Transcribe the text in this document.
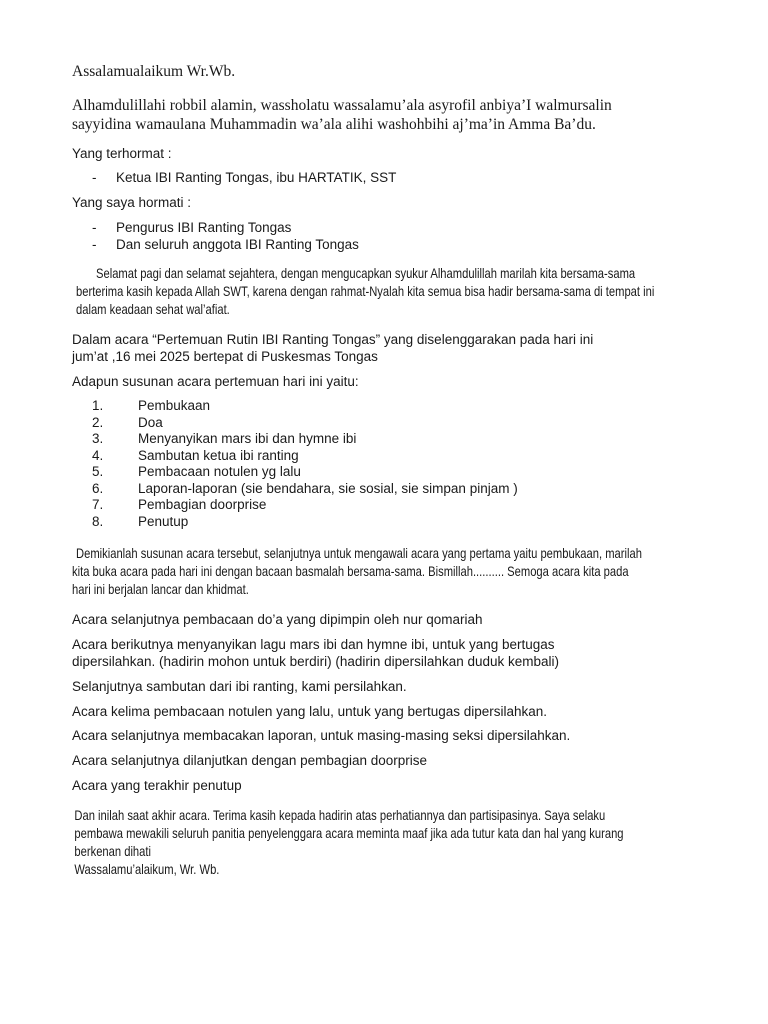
Assalamualaikum Wr.Wb.

Alhamdulillahi robbil alamin, wassholatu wassalamu’ala asyrofil anbiya’I walmursalin
sayyidina wamaulana Muhammadin wa’ala alihi washohbihi aj’ma’in Amma Ba’du.

Yang terhormat :

- Ketua IBI Ranting Tongas, ibu HARTATIK, SST

Yang saya hormati :

- Pengurus IBI Ranting Tongas
- Dan seluruh anggota IBI Ranting Tongas
Selamat pagi dan selamat sejahtera, dengan mengucapkan syukur Alhamdulillah marilah kita bersama-sama
berterima kasih kepada Allah SWT, karena dengan rahmat-Nyalah kita semua bisa hadir bersama-sama di tempat ini
dalam keadaan sehat wal’afiat.
Dalam acara “Pertemuan Rutin IBI Ranting Tongas” yang diselenggarakan pada hari ini
jum’at ,16 mei 2025 bertepat di Puskesmas Tongas

Adapun susunan acara pertemuan hari ini yaitu:

1.	Pembukaan
2.	Doa
3.	Menyanyikan mars ibi dan hymne ibi
4.	Sambutan ketua ibi ranting
5.	Pembacaan notulen yg lalu
6.	Laporan-laporan (sie bendahara, sie sosial, sie simpan pinjam )
7.	Pembagian doorprise
8.	Penutup
Demikianlah susunan acara tersebut, selanjutnya untuk mengawali acara yang pertama yaitu pembukaan, marilah
kita buka acara pada hari ini dengan bacaan basmalah bersama-sama. Bismillah.......... Semoga acara kita pada
hari ini berjalan lancar dan khidmat.

Acara selanjutnya pembacaan do’a yang dipimpin oleh nur qomariah

Acara berikutnya menyanyikan lagu mars ibi dan hymne ibi, untuk yang bertugas
dipersilahkan. (hadirin mohon untuk berdiri) (hadirin dipersilahkan duduk kembali)

Selanjutnya sambutan dari ibi ranting, kami persilahkan.

Acara kelima pembacaan notulen yang lalu, untuk yang bertugas dipersilahkan.

Acara selanjutnya membacakan laporan, untuk masing-masing seksi dipersilahkan.

Acara selanjutnya dilanjutkan dengan pembagian doorprise

Acara yang terakhir penutup

Dan inilah saat akhir acara. Terima kasih kepada hadirin atas perhatiannya dan partisipasinya. Saya selaku
pembawa mewakili seluruh panitia penyelenggara acara meminta maaf jika ada tutur kata dan hal yang kurang
berkenan dihati
Wassalamu’alaikum, Wr. Wb.
